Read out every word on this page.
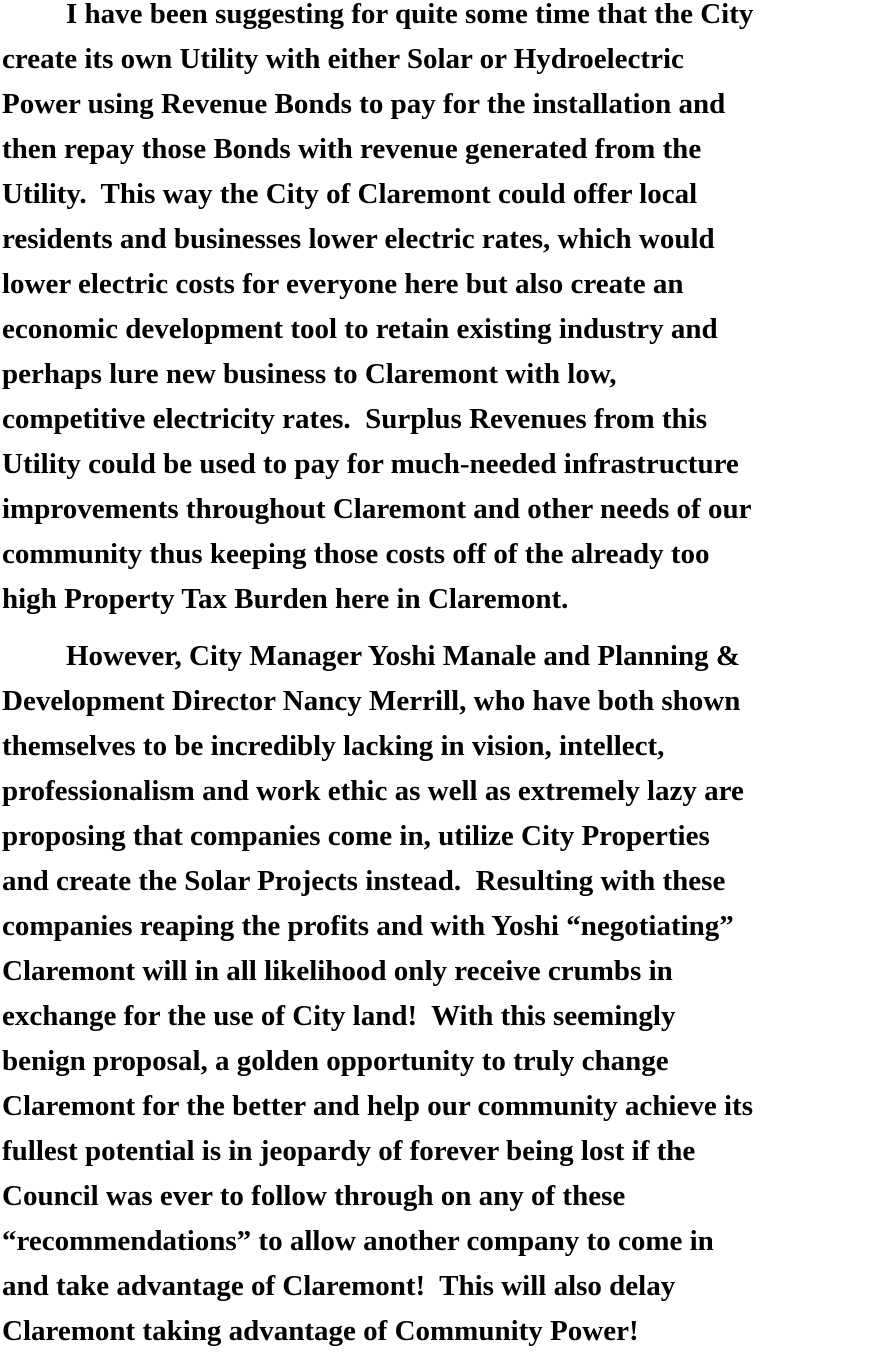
I have been suggesting for quite some time that the City
create its own Utility with either Solar or Hydroelectric
Power using Revenue Bonds to pay for the installation and
then repay those Bonds with revenue generated from the
Utility.  This way the City of Claremont could offer local
residents and businesses lower electric rates, which would
lower electric costs for everyone here but also create an
economic development tool to retain existing industry and
perhaps lure new business to Claremont with low,
competitive electricity rates.  Surplus Revenues from this
Utility could be used to pay for much-needed infrastructure
improvements throughout Claremont and other needs of our
community thus keeping those costs off of the already too
high Property Tax Burden here in Claremont.
However, City Manager Yoshi Manale and Planning &
Development Director Nancy Merrill, who have both shown
themselves to be incredibly lacking in vision, intellect,
professionalism and work ethic as well as extremely lazy are
proposing that companies come in, utilize City Properties
and create the Solar Projects instead.  Resulting with these
companies reaping the profits and with Yoshi “negotiating”
Claremont will in all likelihood only receive crumbs in
exchange for the use of City land!  With this seemingly
benign proposal, a golden opportunity to truly change
Claremont for the better and help our community achieve its
fullest potential is in jeopardy of forever being lost if the
Council was ever to follow through on any of these
“recommendations” to allow another company to come in
and take advantage of Claremont!  This will also delay
Claremont taking advantage of Community Power!
